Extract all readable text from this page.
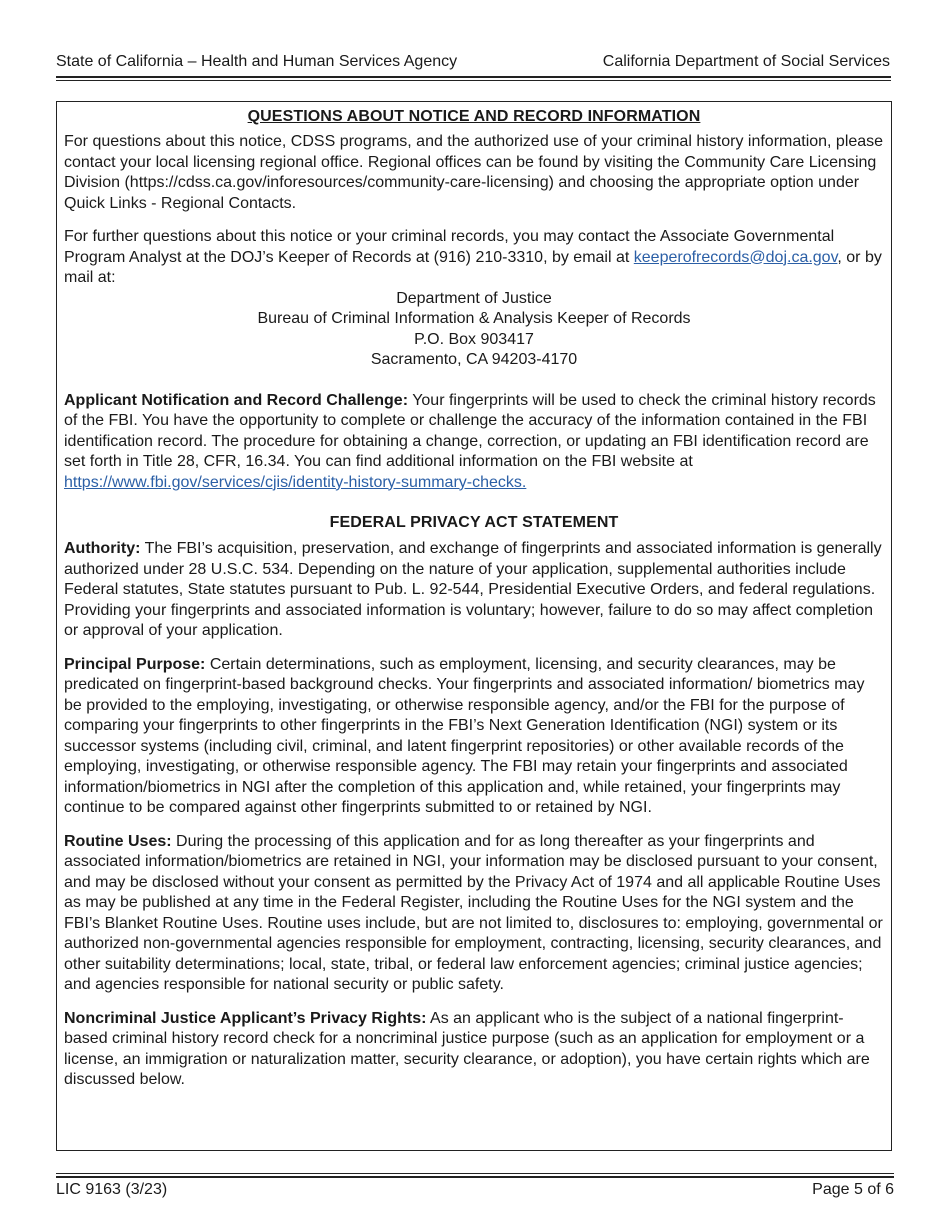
State of California – Health and Human Services Agency	California Department of Social Services
QUESTIONS ABOUT NOTICE AND RECORD INFORMATION

For questions about this notice, CDSS programs, and the authorized use of your criminal history information, please contact your local licensing regional office. Regional offices can be found by visiting the Community Care Licensing Division (https://cdss.ca.gov/inforesources/community-care-licensing) and choosing the appropriate option under Quick Links - Regional Contacts.

For further questions about this notice or your criminal records, you may contact the Associate Governmental Program Analyst at the DOJ’s Keeper of Records at (916) 210-3310, by email at keeperofrecords@doj.ca.gov, or by mail at:

Department of Justice
Bureau of Criminal Information & Analysis Keeper of Records
P.O. Box 903417
Sacramento, CA 94203-4170

Applicant Notification and Record Challenge: Your fingerprints will be used to check the criminal history records of the FBI. You have the opportunity to complete or challenge the accuracy of the information contained in the FBI identification record. The procedure for obtaining a change, correction, or updating an FBI identification record are set forth in Title 28, CFR, 16.34. You can find additional information on the FBI website at https://www.fbi.gov/services/cjis/identity-history-summary-checks.

FEDERAL PRIVACY ACT STATEMENT

Authority: The FBI’s acquisition, preservation, and exchange of fingerprints and associated information is generally authorized under 28 U.S.C. 534. Depending on the nature of your application, supplemental authorities include Federal statutes, State statutes pursuant to Pub. L. 92-544, Presidential Executive Orders, and federal regulations. Providing your fingerprints and associated information is voluntary; however, failure to do so may affect completion or approval of your application.

Principal Purpose: Certain determinations, such as employment, licensing, and security clearances, may be predicated on fingerprint-based background checks. Your fingerprints and associated information/ biometrics may be provided to the employing, investigating, or otherwise responsible agency, and/or the FBI for the purpose of comparing your fingerprints to other fingerprints in the FBI’s Next Generation Identification (NGI) system or its successor systems (including civil, criminal, and latent fingerprint repositories) or other available records of the employing, investigating, or otherwise responsible agency. The FBI may retain your fingerprints and associated information/biometrics in NGI after the completion of this application and, while retained, your fingerprints may continue to be compared against other fingerprints submitted to or retained by NGI.

Routine Uses: During the processing of this application and for as long thereafter as your fingerprints and associated information/biometrics are retained in NGI, your information may be disclosed pursuant to your consent, and may be disclosed without your consent as permitted by the Privacy Act of 1974 and all applicable Routine Uses as may be published at any time in the Federal Register, including the Routine Uses for the NGI system and the FBI’s Blanket Routine Uses. Routine uses include, but are not limited to, disclosures to: employing, governmental or authorized non-governmental agencies responsible for employment, contracting, licensing, security clearances, and other suitability determinations; local, state, tribal, or federal law enforcement agencies; criminal justice agencies; and agencies responsible for national security or public safety.

Noncriminal Justice Applicant’s Privacy Rights: As an applicant who is the subject of a national fingerprint-based criminal history record check for a noncriminal justice purpose (such as an application for employment or a license, an immigration or naturalization matter, security clearance, or adoption), you have certain rights which are discussed below.

LIC 9163 (3/23)	Page 5 of 6
